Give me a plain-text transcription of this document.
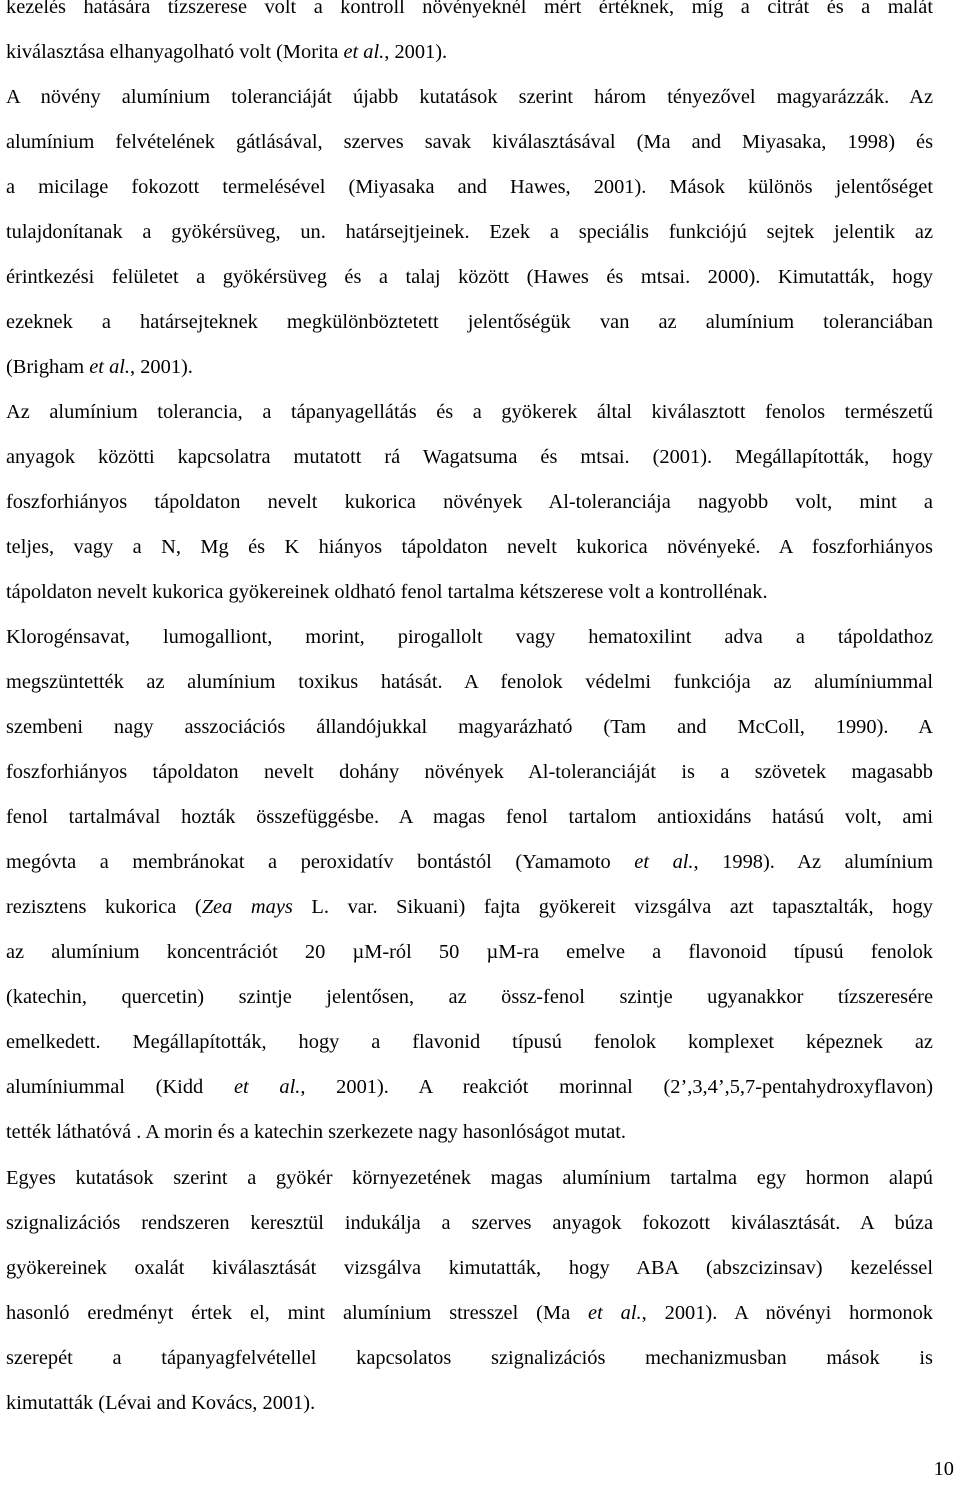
kezelés hatására tízszerese volt a kontroll növényeknél mért értéknek, míg a citrát és a malát
kiválasztása elhanyagolható volt (Morita et al., 2001).
A növény alumínium toleranciáját újabb kutatások szerint három tényezővel magyarázzák. Az
alumínium felvételének gátlásával, szerves savak kiválasztásával (Ma and Miyasaka, 1998) és
a micilage fokozott termelésével (Miyasaka and Hawes, 2001). Mások különös jelentőséget
tulajdonítanak a gyökérsüveg, un. határsejtjeinek. Ezek a speciális funkciójú sejtek jelentik az
érintkezési felületet a gyökérsüveg és a talaj között (Hawes és mtsai. 2000). Kimutatták, hogy
ezeknek a határsejteknek megkülönböztetett jelentőségük van az alumínium toleranciában
(Brigham et al., 2001).
Az alumínium tolerancia, a tápanyagellátás és a gyökerek által kiválasztott fenolos természetű
anyagok közötti kapcsolatra mutatott rá Wagatsuma és mtsai. (2001). Megállapították, hogy
foszforhiányos tápoldaton nevelt kukorica növények Al-toleranciája nagyobb volt, mint a
teljes, vagy a N, Mg és K hiányos tápoldaton nevelt kukorica növényeké. A foszforhiányos
tápoldaton nevelt kukorica gyökereinek oldható fenol tartalma kétszerese volt a kontrollénak.
Klorogénsavat, lumogalliont, morint, pirogallolt vagy hematoxilint adva a tápoldathoz
megszüntették az alumínium toxikus hatását. A fenolok védelmi funkciója az alumíniummal
szembeni nagy asszociációs állandójukkal magyarázható (Tam and McColl, 1990). A
foszforhiányos tápoldaton nevelt dohány növények Al-toleranciáját is a szövetek magasabb
fenol tartalmával hozták összefüggésbe. A magas fenol tartalom antioxidáns hatású volt, ami
megóvta a membránokat a peroxidatív bontástól (Yamamoto et al., 1998). Az alumínium
rezisztens kukorica (Zea mays L. var. Sikuani) fajta gyökereit vizsgálva azt tapasztalták, hogy
az alumínium koncentrációt 20 µM-ról 50 µM-ra emelve a flavonoid típusú fenolok
(katechin, quercetin) szintje jelentősen, az össz-fenol szintje ugyanakkor tízszeresére
emelkedett. Megállapították, hogy a flavonid típusú fenolok komplexet képeznek az
alumíniummal (Kidd et al., 2001). A reakciót morinnal (2’,3,4’,5,7-pentahydroxyflavon)
tették láthatóvá . A morin és a katechin szerkezete nagy hasonlóságot mutat.
Egyes kutatások szerint a gyökér környezetének magas alumínium tartalma egy hormon alapú
szignalizációs rendszeren keresztül indukálja a szerves anyagok fokozott kiválasztását. A búza
gyökereinek oxalát kiválasztását vizsgálva kimutatták, hogy ABA (abszcizinsav) kezeléssel
hasonló eredményt értek el, mint alumínium stresszel (Ma et al., 2001). A növényi hormonok
szerepét a tápanyagfelvétellel kapcsolatos szignalizációs mechanizmusban mások is
kimutatták (Lévai and Kovács, 2001).
10
